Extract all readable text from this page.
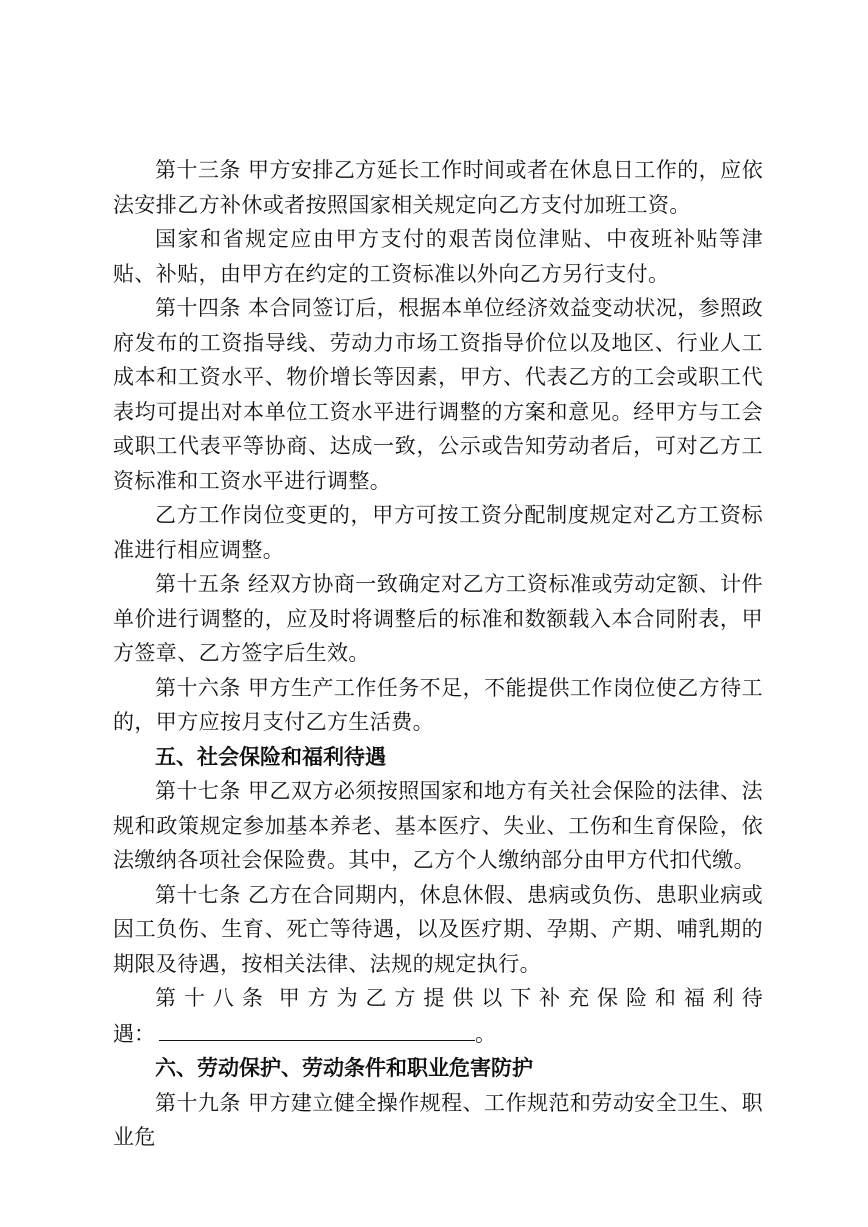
第十三条 甲方安排乙方延长工作时间或者在休息日工作的，应依法安排乙方补休或者按照国家相关规定向乙方支付加班工资。

国家和省规定应由甲方支付的艰苦岗位津贴、中夜班补贴等津贴、补贴，由甲方在约定的工资标准以外向乙方另行支付。

第十四条 本合同签订后，根据本单位经济效益变动状况，参照政府发布的工资指导线、劳动力市场工资指导价位以及地区、行业人工成本和工资水平、物价增长等因素，甲方、代表乙方的工会或职工代表均可提出对本单位工资水平进行调整的方案和意见。经甲方与工会或职工代表平等协商、达成一致，公示或告知劳动者后，可对乙方工资标准和工资水平进行调整。

乙方工作岗位变更的，甲方可按工资分配制度规定对乙方工资标准进行相应调整。

第十五条 经双方协商一致确定对乙方工资标准或劳动定额、计件单价进行调整的，应及时将调整后的标准和数额载入本合同附表，甲方签章、乙方签字后生效。

第十六条 甲方生产工作任务不足，不能提供工作岗位使乙方待工的，甲方应按月支付乙方生活费。

五、社会保险和福利待遇

第十七条 甲乙双方必须按照国家和地方有关社会保险的法律、法规和政策规定参加基本养老、基本医疗、失业、工伤和生育保险，依法缴纳各项社会保险费。其中，乙方个人缴纳部分由甲方代扣代缴。

第十七条 乙方在合同期内，休息休假、患病或负伤、患职业病或因工负伤、生育、死亡等待遇，以及医疗期、孕期、产期、哺乳期的期限及待遇，按相关法律、法规的规定执行。

第 十 八 条 甲 方 为 乙 方 提 供 以 下 补 充 保 险 和 福 利 待

遇：	。

六、劳动保护、劳动条件和职业危害防护

第十九条 甲方建立健全操作规程、工作规范和劳动安全卫生、职业危
